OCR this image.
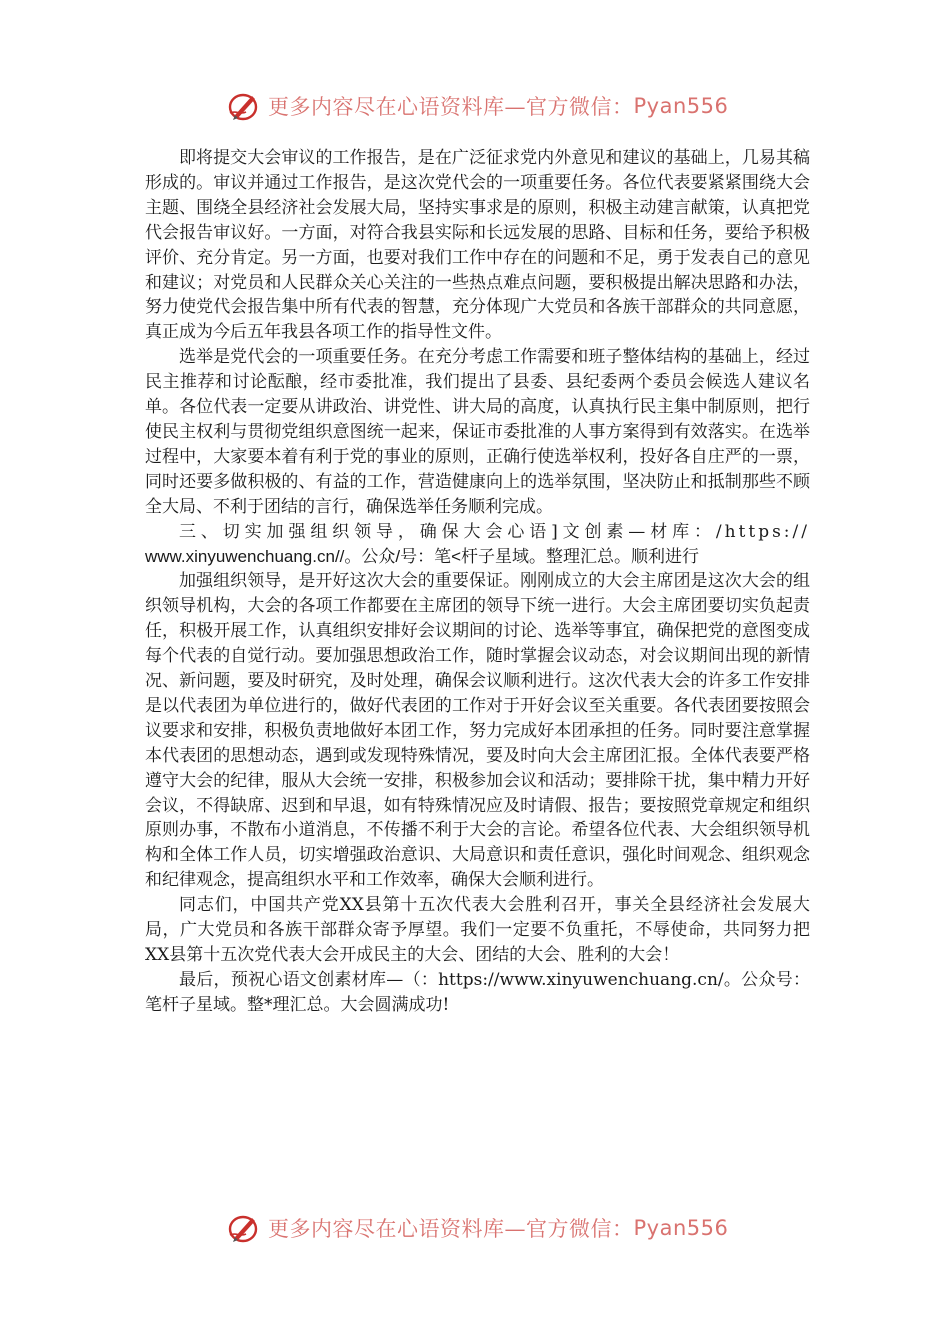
更多内容尽在心语资料库—官方微信： Pyan556

即将提交大会审议的工作报告，是在广泛征求党内外意见和建议的基础上，几易其稿形成的。审议并通过工作报告，是这次党代会的一项重要任务。各位代表要紧紧围绕大会主题、围绕全县经济社会发展大局，坚持实事求是的原则，积极主动建言献策，认真把党代会报告审议好。一方面，对符合我县实际和长远发展的思路、目标和任务，要给予积极评价、充分肯定。另一方面，也要对我们工作中存在的问题和不足，勇于发表自己的意见和建议；对党员和人民群众关心关注的一些热点难点问题，要积极提出解决思路和办法，努力使党代会报告集中所有代表的智慧，充分体现广大党员和各族干部群众的共同意愿，真正成为今后五年我县各项工作的指导性文件。

选举是党代会的一项重要任务。在充分考虑工作需要和班子整体结构的基础上，经过民主推荐和讨论酝酿，经市委批准，我们提出了县委、县纪委两个委员会候选人建议名单。各位代表一定要从讲政治、讲党性、讲大局的高度，认真执行民主集中制原则，把行使民主权利与贯彻党组织意图统一起来，保证市委批准的人事方案得到有效落实。在选举过程中，大家要本着有利于党的事业的原则，正确行使选举权利，投好各自庄严的一票，同时还要多做积极的、有益的工作，营造健康向上的选举氛围，坚决防止和抵制那些不顾全大局、不利于团结的言行，确保选举任务顺利完成。

三、切实加强组织领导，确保大会心语]文创素—材库：/https://
www.xinyuwenchuang.cn//。公众/号：笔<杆子星域。整理汇总。顺利进行

加强组织领导，是开好这次大会的重要保证。刚刚成立的大会主席团是这次大会的组织领导机构，大会的各项工作都要在主席团的领导下统一进行。大会主席团要切实负起责任，积极开展工作，认真组织安排好会议期间的讨论、选举等事宜，确保把党的意图变成每个代表的自觉行动。要加强思想政治工作，随时掌握会议动态，对会议期间出现的新情况、新问题，要及时研究，及时处理，确保会议顺利进行。这次代表大会的许多工作安排是以代表团为单位进行的，做好代表团的工作对于开好会议至关重要。各代表团要按照会议要求和安排，积极负责地做好本团工作，努力完成好本团承担的任务。同时要注意掌握本代表团的思想动态，遇到或发现特殊情况，要及时向大会主席团汇报。全体代表要严格遵守大会的纪律，服从大会统一安排，积极参加会议和活动；要排除干扰，集中精力开好会议，不得缺席、迟到和早退，如有特殊情况应及时请假、报告；要按照党章规定和组织原则办事，不散布小道消息，不传播不利于大会的言论。希望各位代表、大会组织领导机构和全体工作人员，切实增强政治意识、大局意识和责任意识，强化时间观念、组织观念和纪律观念，提高组织水平和工作效率，确保大会顺利进行。

同志们，中国共产党XX县第十五次代表大会胜利召开，事关全县经济社会发展大局，广大党员和各族干部群众寄予厚望。我们一定要不负重托，不辱使命，共同努力把XX县第十五次党代表大会开成民主的大会、团结的大会、胜利的大会！

最后，预祝心语文创素材库—（：https://www.xinyuwenchuang.cn/。公众号：笔杆子星域。整*理汇总。大会圆满成功!

更多内容尽在心语资料库—官方微信： Pyan556
